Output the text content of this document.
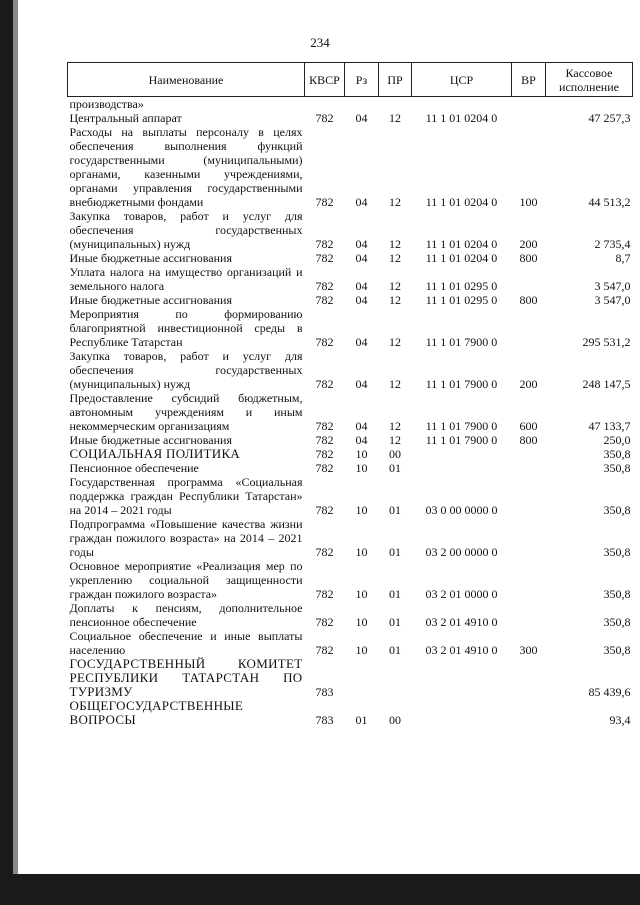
234
Наименование	КВСР	Рз	ПР	ЦСР	ВР	Кассовое исполнение
производства»						
Центральный аппарат	782	04	12	11 1 01 0204 0		47 257,3
Расходы на выплаты персоналу в целях обеспечения выполнения функций государственными (муниципальными) органами, казенными учреждениями, органами управления государственными внебюджетными фондами	782	04	12	11 1 01 0204 0	100	44 513,2
Закупка товаров, работ и услуг для обеспечения государственных (муниципальных) нужд	782	04	12	11 1 01 0204 0	200	2 735,4
Иные бюджетные ассигнования	782	04	12	11 1 01 0204 0	800	8,7
Уплата налога на имущество организаций и земельного налога	782	04	12	11 1 01 0295 0		3 547,0
Иные бюджетные ассигнования	782	04	12	11 1 01 0295 0	800	3 547,0
Мероприятия по формированию благоприятной инвестиционной среды в Республике Татарстан	782	04	12	11 1 01 7900 0		295 531,2
Закупка товаров, работ и услуг для обеспечения государственных (муниципальных) нужд	782	04	12	11 1 01 7900 0	200	248 147,5
Предоставление субсидий бюджетным, автономным учреждениям и иным некоммерческим организациям	782	04	12	11 1 01 7900 0	600	47 133,7
Иные бюджетные ассигнования	782	04	12	11 1 01 7900 0	800	250,0
СОЦИАЛЬНАЯ ПОЛИТИКА	782	10	00			350,8
Пенсионное обеспечение	782	10	01			350,8
Государственная программа «Социальная поддержка граждан Республики Татарстан» на 2014 – 2021 годы	782	10	01	03 0 00 0000 0		350,8
Подпрограмма «Повышение качества жизни граждан пожилого возраста» на 2014 – 2021 годы	782	10	01	03 2 00 0000 0		350,8
Основное мероприятие «Реализация мер по укреплению социальной защищенности граждан пожилого возраста»	782	10	01	03 2 01 0000 0		350,8
Доплаты к пенсиям, дополнительное пенсионное обеспечение	782	10	01	03 2 01 4910 0		350,8
Социальное обеспечение и иные выплаты населению	782	10	01	03 2 01 4910 0	300	350,8
ГОСУДАРСТВЕННЫЙ КОМИТЕТ РЕСПУБЛИКИ ТАТАРСТАН ПО ТУРИЗМУ	783					85 439,6
ОБЩЕГОСУДАРСТВЕННЫЕ ВОПРОСЫ	783	01	00			93,4
